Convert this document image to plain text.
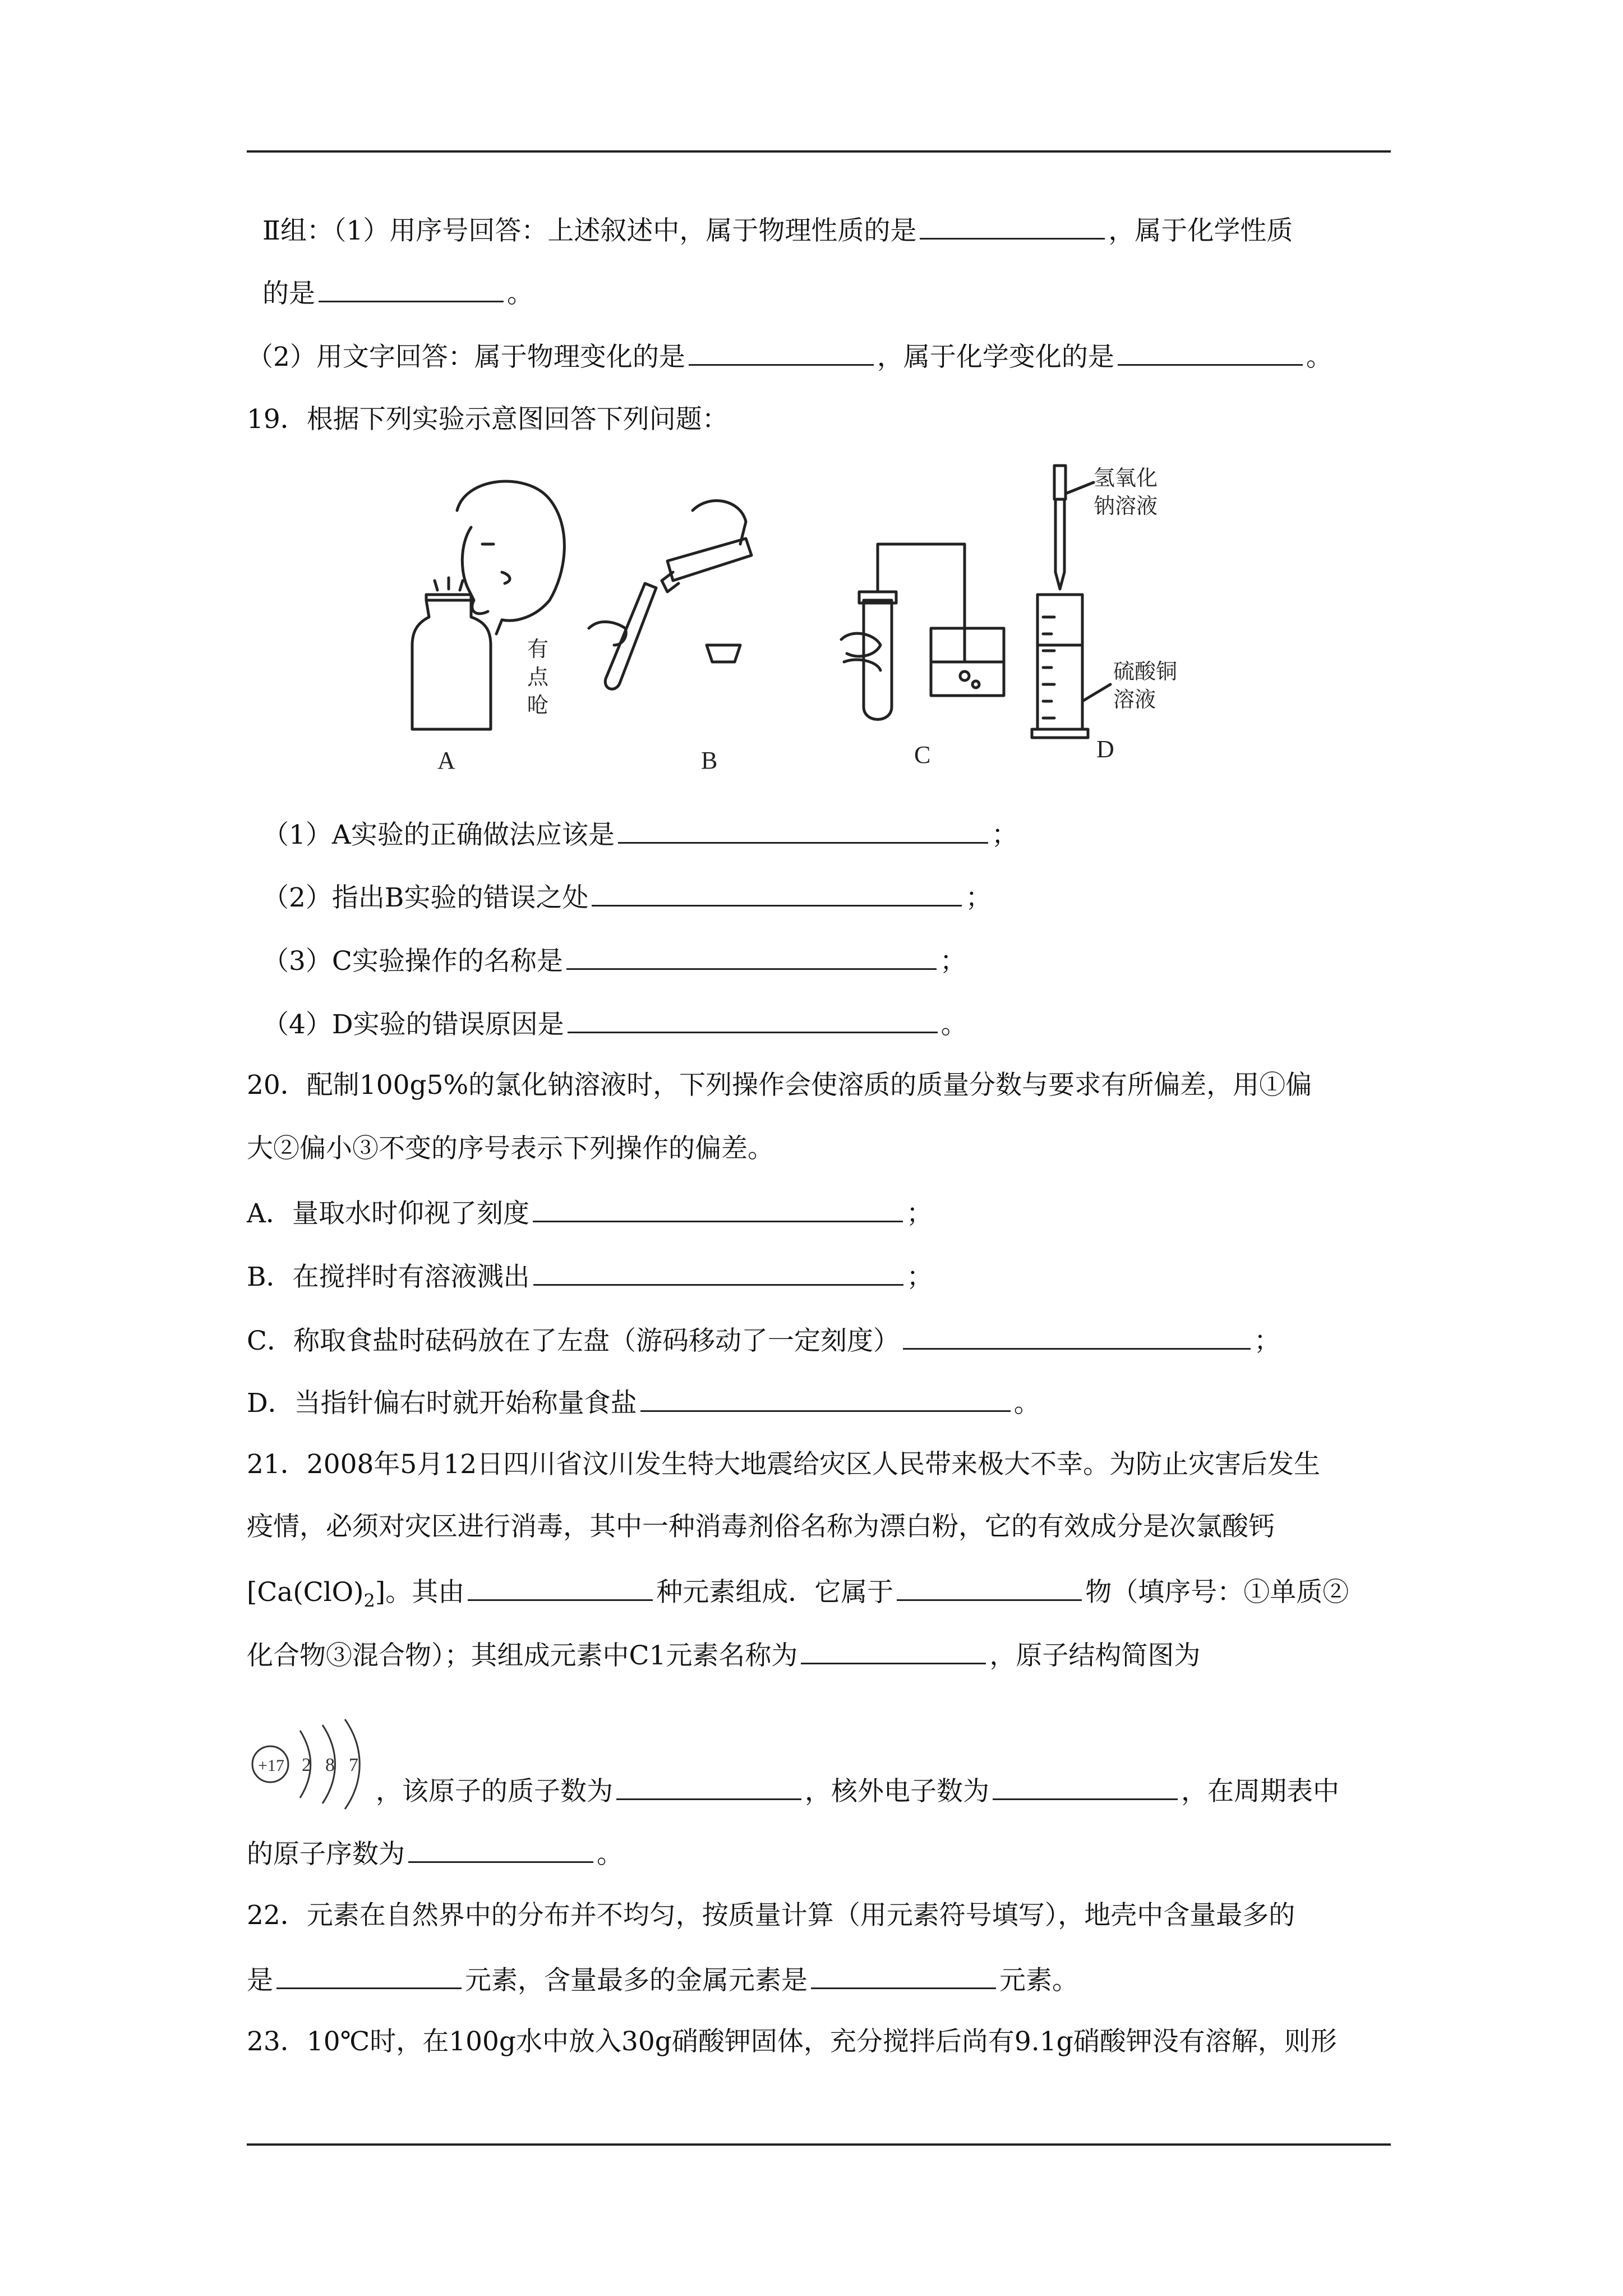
Ⅱ组：（1）用序号回答：上述叙述中，属于物理性质的是	，属于化学性质
的是	。
（2）用文字回答：属于物理变化的是	，属于化学变化的是	。
19．根据下列实验示意图回答下列问题：
A	B	C	D
有
点
呛
氢氧化
钠溶液
硫酸铜
溶液
（1）A实验的正确做法应该是	；
（2）指出B实验的错误之处	；
（3）C实验操作的名称是	；
（4）D实验的错误原因是	。
20．配制100g5%的氯化钠溶液时，下列操作会使溶质的质量分数与要求有所偏差，用①偏
大②偏小③不变的序号表示下列操作的偏差。
A．量取水时仰视了刻度	；
B．在搅拌时有溶液溅出	；
C．称取食盐时砝码放在了左盘（游码移动了一定刻度）	；
D．当指针偏右时就开始称量食盐	。
21．2008年5月12日四川省汶川发生特大地震给灾区人民带来极大不幸。为防止灾害后发生
疫情，必须对灾区进行消毒，其中一种消毒剂俗名称为漂白粉，它的有效成分是次氯酸钙
$[Ca(ClO)_2]$。其由	种元素组成．它属于	物（填序号：①单质②
化合物③混合物）；其组成元素中C1元素名称为	，原子结构简图为
+17 2 8 7
，该原子的质子数为	，核外电子数为	，在周期表中
的原子序数为	。
22．元素在自然界中的分布并不均匀，按质量计算（用元素符号填写），地壳中含量最多的
是	元素，含量最多的金属元素是	元素。
23．10℃时，在100g水中放入30g硝酸钾固体，充分搅拌后尚有9.1g硝酸钾没有溶解，则形
